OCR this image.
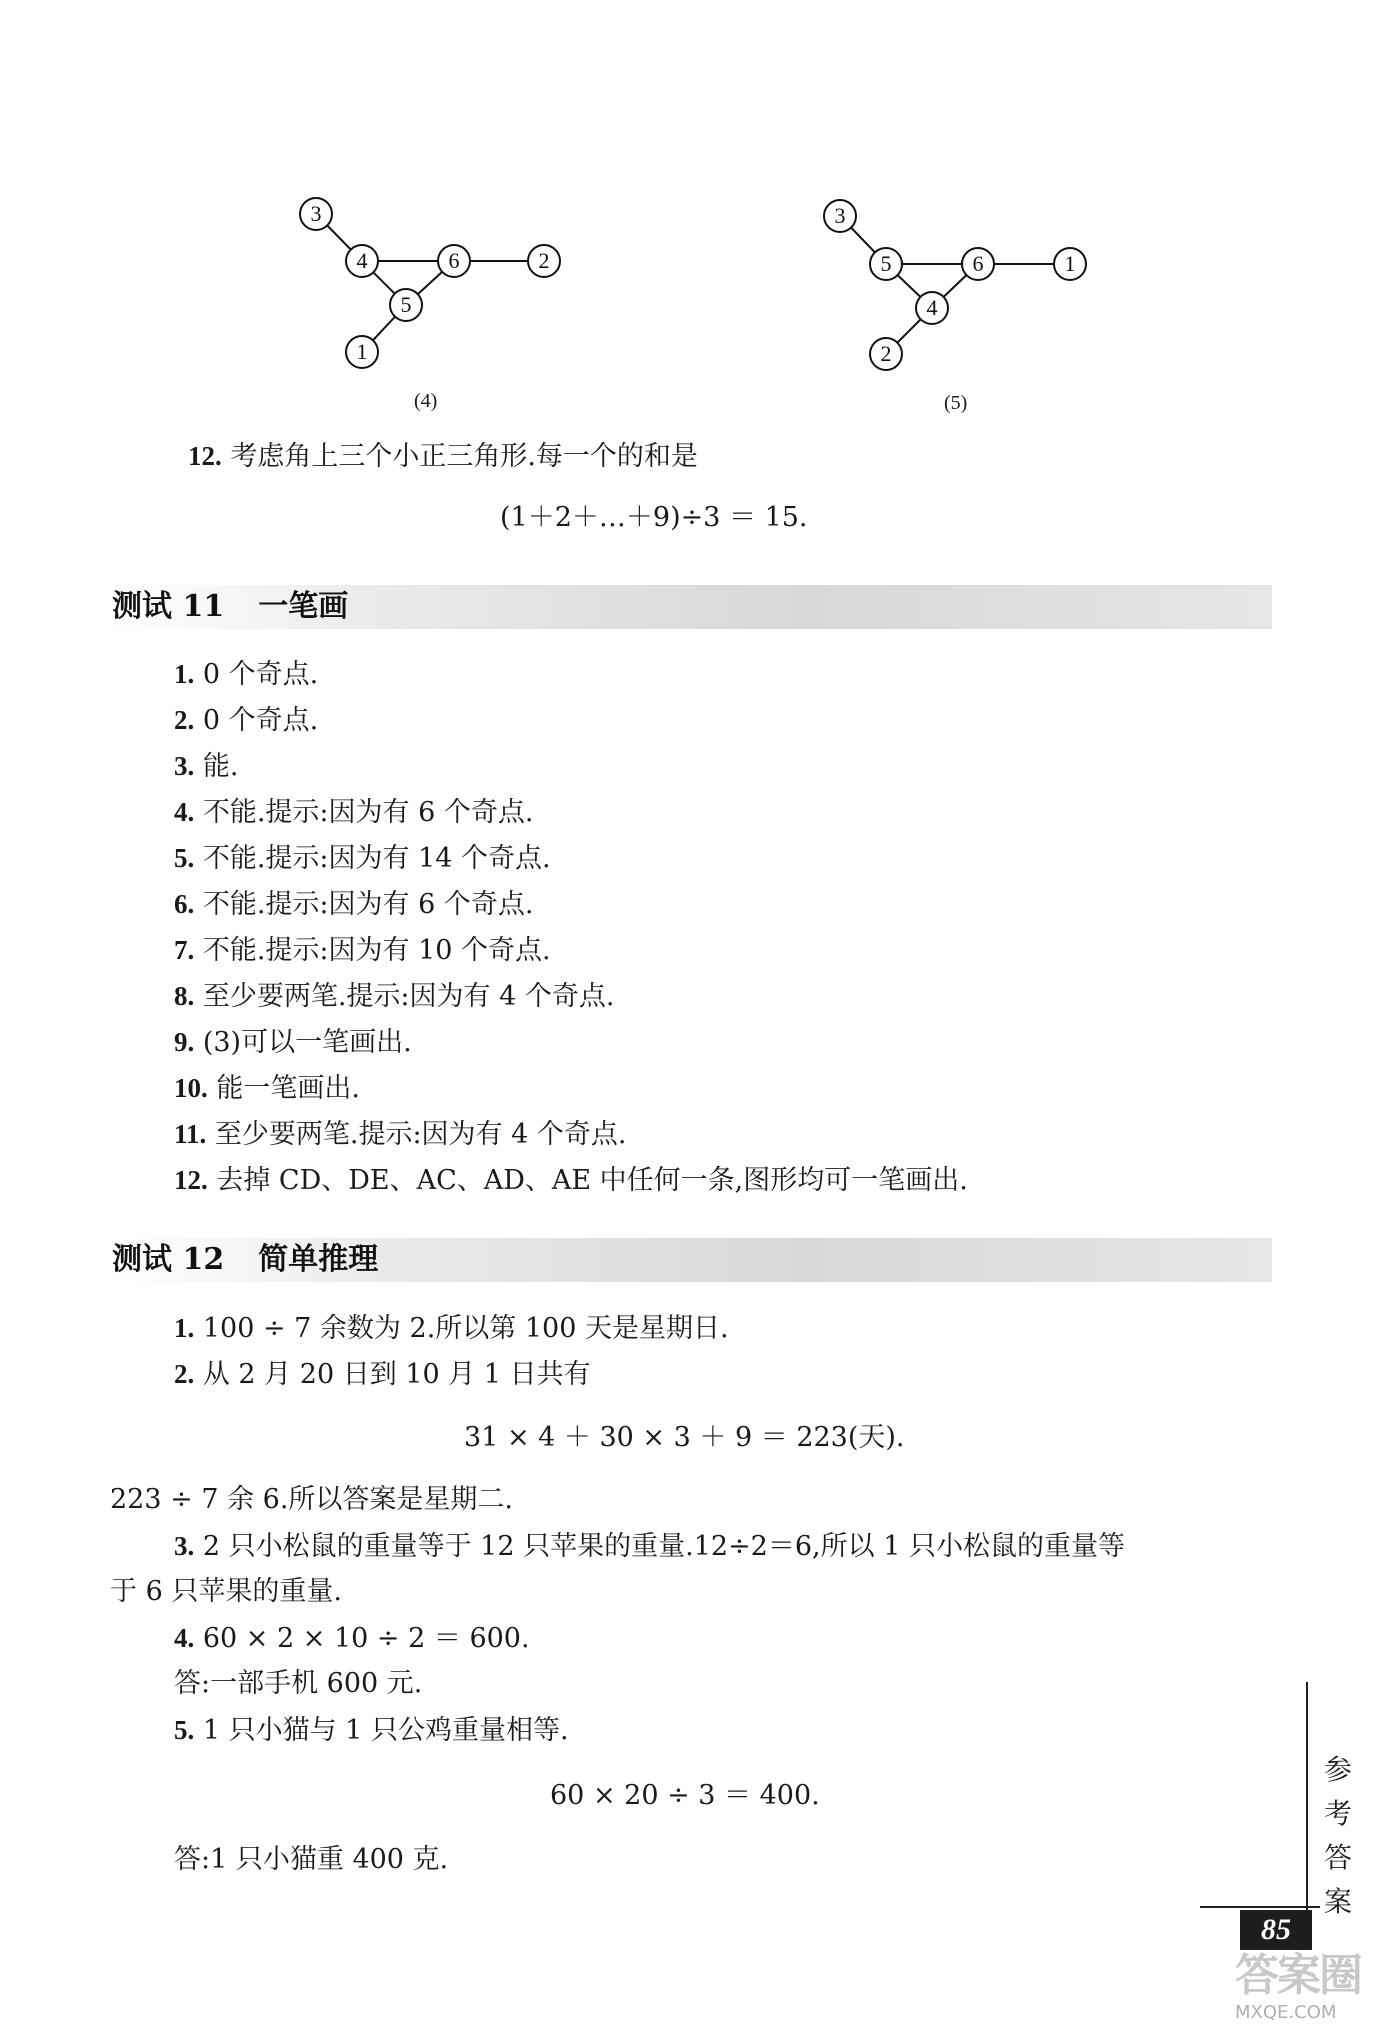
3
4	6	2
5
1
(4)
3
5	6	1
4
2
(5)
12. 考虑角上三个小正三角形.每一个的和是
(1＋2＋…＋9)÷3 ＝ 15.
测试 11 一笔画
1. 0 个奇点.
2. 0 个奇点.
3. 能.
4. 不能.提示:因为有 6 个奇点.
5. 不能.提示:因为有 14 个奇点.
6. 不能.提示:因为有 6 个奇点.
7. 不能.提示:因为有 10 个奇点.
8. 至少要两笔.提示:因为有 4 个奇点.
9. (3)可以一笔画出.
10. 能一笔画出.
11. 至少要两笔.提示:因为有 4 个奇点.
12. 去掉 CD、DE、AC、AD、AE 中任何一条,图形均可一笔画出.
测试 12 简单推理
1. 100 ÷ 7 余数为 2.所以第 100 天是星期日.
2. 从 2 月 20 日到 10 月 1 日共有
31 × 4 ＋ 30 × 3 ＋ 9 ＝ 223(天).
223 ÷ 7 余 6.所以答案是星期二.
3. 2 只小松鼠的重量等于 12 只苹果的重量.12÷2＝6,所以 1 只小松鼠的重量等
于 6 只苹果的重量.
4. 60 × 2 × 10 ÷ 2 ＝ 600.
答:一部手机 600 元.
5. 1 只小猫与 1 只公鸡重量相等.
60 × 20 ÷ 3 ＝ 400.
答:1 只小猫重 400 克.
参考答案
85
答案圈
MXQE.COM
